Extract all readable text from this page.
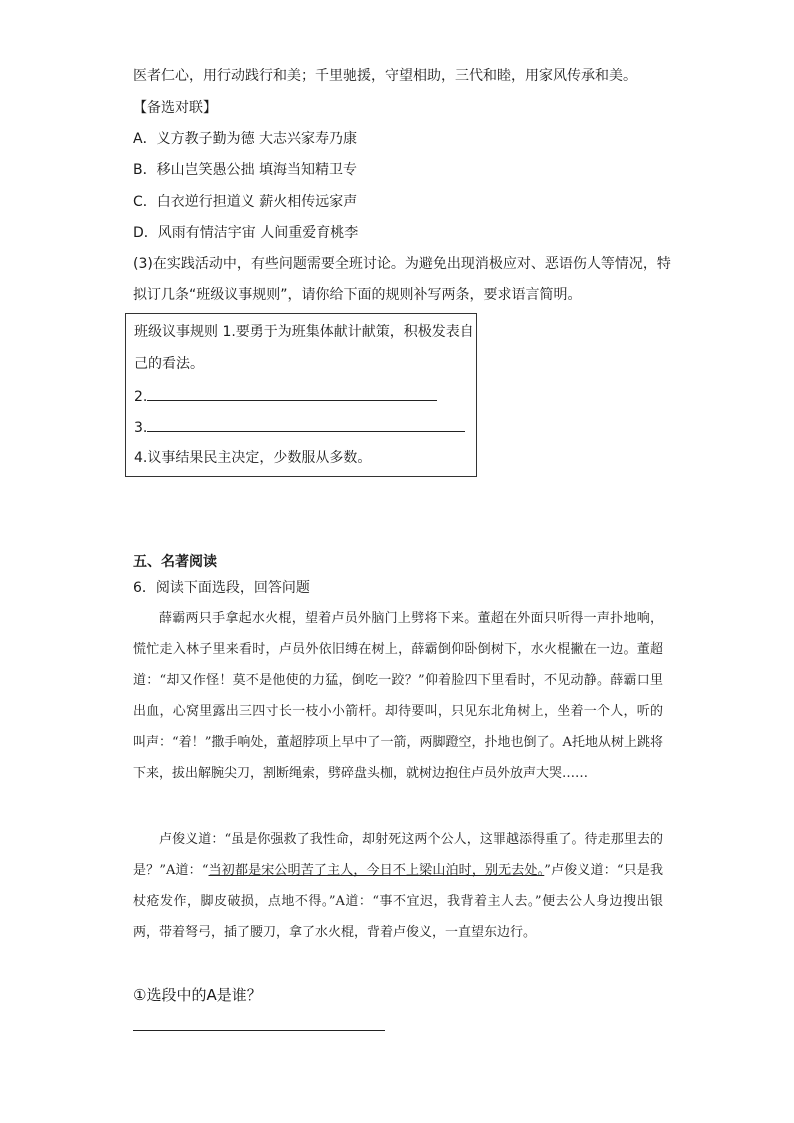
医者仁心，用行动践行和美；千里驰援，守望相助，三代和睦，用家风传承和美。
【备选对联】
A．义方教子勤为德 大志兴家寿乃康
B．移山岂笑愚公拙 填海当知精卫专
C．白衣逆行担道义 薪火相传远家声
D．风雨有情洁宇宙 人间重爱育桃李
(3)在实践活动中，有些问题需要全班讨论。为避免出现消极应对、恶语伤人等情况，特
拟订几条“班级议事规则”，请你给下面的规则补写两条，要求语言简明。
班级议事规则 1.要勇于为班集体献计献策，积极发表自
己的看法。
2.
3.
4.议事结果民主决定，少数服从多数。
五、名著阅读
6．阅读下面选段，回答问题

薛霸两只手拿起水火棍，望着卢员外脑门上劈将下来。董超在外面只听得一声扑地响，慌忙走入林子里来看时，卢员外依旧缚在树上，薛霸倒仰卧倒树下，水火棍撇在一边。董超道：“却又作怪！莫不是他使的力猛，倒吃一跤？”仰着脸四下里看时，不见动静。薛霸口里出血，心窝里露出三四寸长一枝小小箭杆。却待要叫，只见东北角树上，坐着一个人，听的叫声：“着！”撒手响处，董超脖项上早中了一箭，两脚蹬空，扑地也倒了。A托地从树上跳将下来，拔出解腕尖刀，割断绳索，劈碎盘头枷，就树边抱住卢员外放声大哭……

卢俊义道：“虽是你强救了我性命，却射死这两个公人，这罪越添得重了。待走那里去的是？”A道：“当初都是宋公明苦了主人，今日不上梁山泊时，别无去处。”卢俊义道：“只是我杖疮发作，脚皮破损，点地不得。”A道：“事不宜迟，我背着主人去。”便去公人身边搜出银两，带着弩弓，插了腰刀，拿了水火棍，背着卢俊义，一直望东边行。

①选段中的A是谁？
